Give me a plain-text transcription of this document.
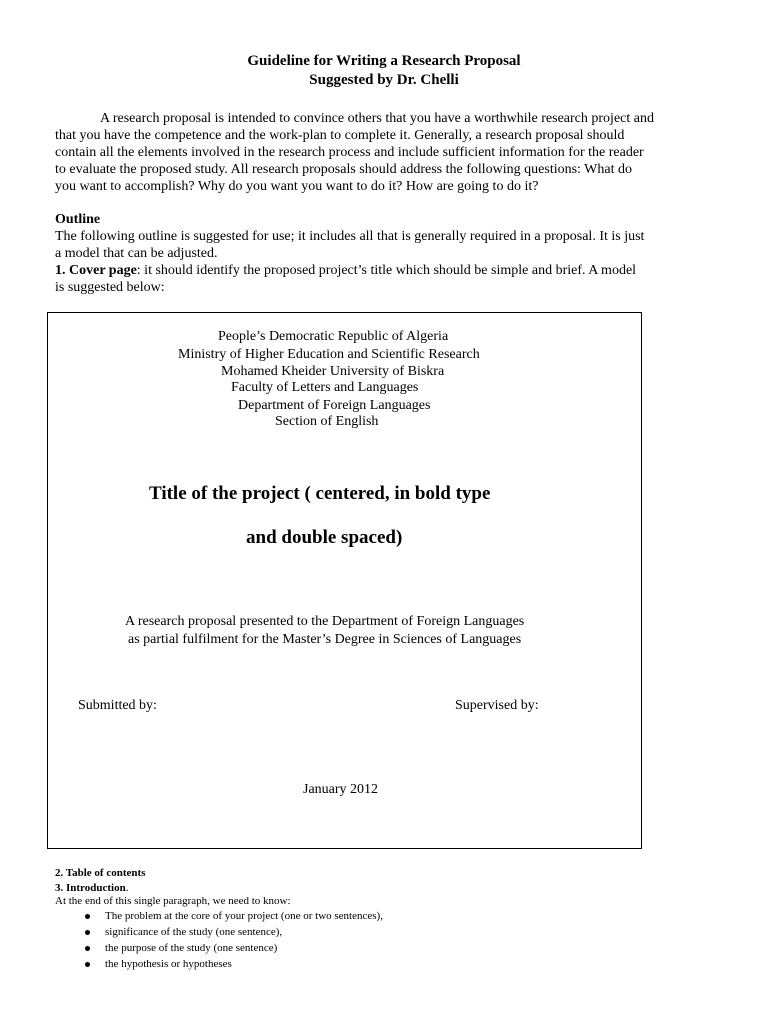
Guideline for Writing a Research Proposal
Suggested by Dr. Chelli
A research proposal is intended to convince others that you have a worthwhile research project and
that you have the competence and the work-plan to complete it. Generally, a research proposal should
contain all the elements involved in the research process and include sufficient information for the reader
to evaluate the proposed study. All research proposals should address the following questions: What do
you want to accomplish? Why do you want you want to do it? How are going to do it?
Outline
The following outline is suggested for use; it includes all that is generally required in a proposal. It is just
a model that can be adjusted.
1. Cover page: it should identify the proposed project’s title which should be simple and brief. A model
is suggested below:
People’s Democratic Republic of Algeria
Ministry of Higher Education and Scientific Research
Mohamed Kheider University of Biskra
Faculty of Letters and Languages
Department of Foreign Languages
Section of English
Title of the project ( centered, in bold type
and double spaced)
A research proposal presented to the Department of Foreign Languages
as partial fulfilment for the Master’s Degree in Sciences of Languages
Submitted by:	Supervised by:
January 2012
2. Table of contents
3. Introduction.
At the end of this single paragraph, we need to know:
The problem at the core of your project (one or two sentences),
significance of the study (one sentence),
the purpose of the study (one sentence)
the hypothesis or hypotheses
